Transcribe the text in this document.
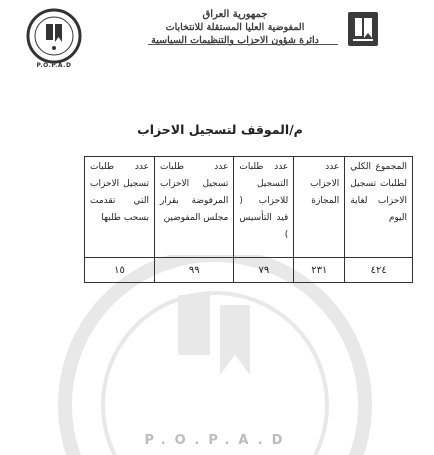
P.O.P.A.D
جمهورية العراق
المفوضية العليا المستقلة للانتخابات
دائرة شؤون الاحزاب والتنظيمات السياسية
P.O.P.A.D
م/الموقف لتسجيل الاحزاب
المجموع الكلي لطلبات تسجيل الاحزاب لغاية اليوم	عدد الاحزاب المجازة	عدد طلبات التسجيل للاحزاب ( قيد التأسيس )	عدد طلبات تسجيل الاحزاب المرفوضة بقرار مجلس المفوضين	عدد طلبات تسجيل الاحزاب التي تقدمت بسحب طلبها
٤٢٤	٢٣١	٧٩	٩٩	١٥
